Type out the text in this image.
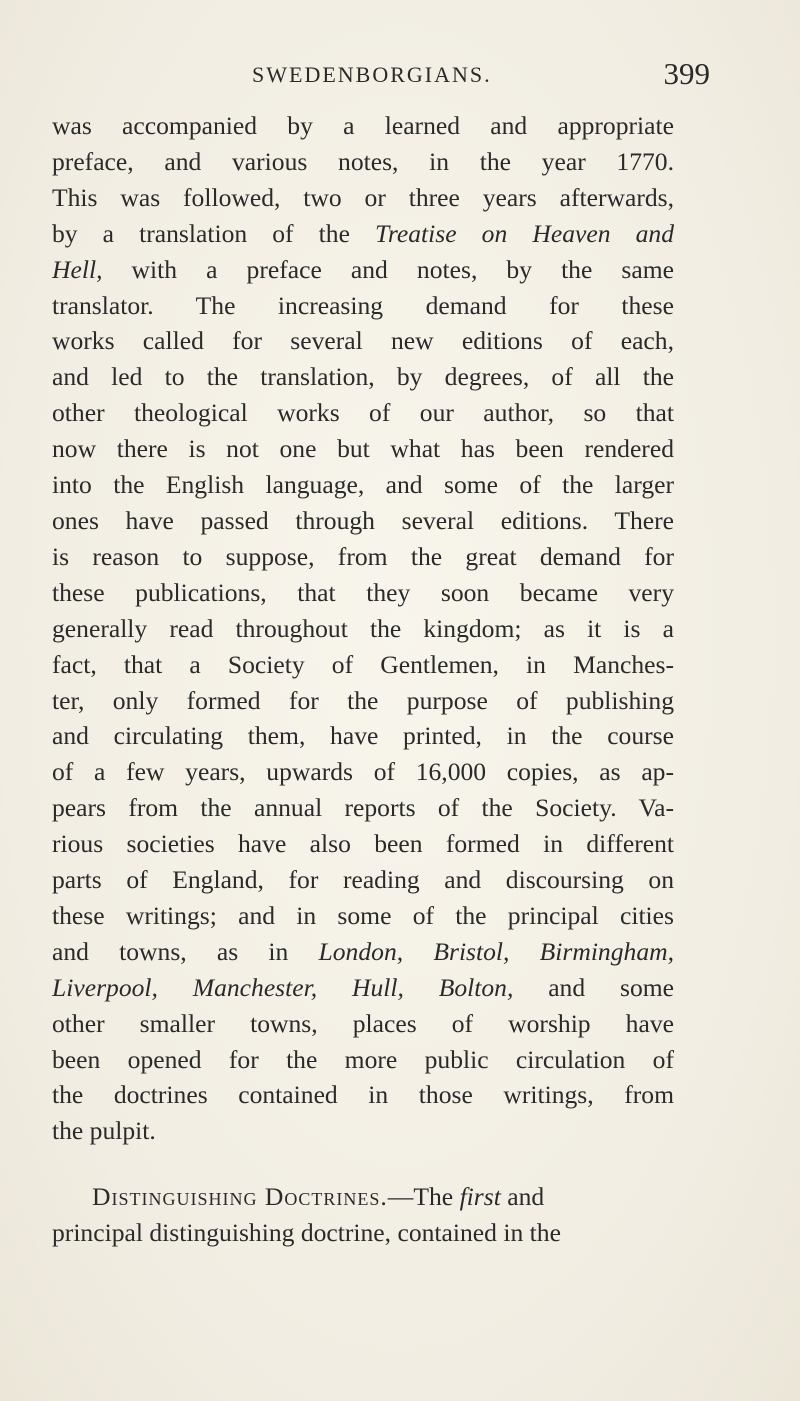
SWEDENBORGIANS.	399
was accompanied by a learned and appropriate
preface, and various notes, in the year 1770.
This was followed, two or three years afterwards,
by a translation of the Treatise on Heaven and
Hell, with a preface and notes, by the same
translator. The increasing demand for these
works called for several new editions of each,
and led to the translation, by degrees, of all the
other theological works of our author, so that
now there is not one but what has been rendered
into the English language, and some of the larger
ones have passed through several editions. There
is reason to suppose, from the great demand for
these publications, that they soon became very
generally read throughout the kingdom; as it is a
fact, that a Society of Gentlemen, in Manches-
ter, only formed for the purpose of publishing
and circulating them, have printed, in the course
of a few years, upwards of 16,000 copies, as ap-
pears from the annual reports of the Society. Va-
rious societies have also been formed in different
parts of England, for reading and discoursing on
these writings; and in some of the principal cities
and towns, as in London, Bristol, Birmingham,
Liverpool, Manchester, Hull, Bolton, and some
other smaller towns, places of worship have
been opened for the more public circulation of
the doctrines contained in those writings, from
the pulpit.
Distinguishing Doctrines.—The first and
principal distinguishing doctrine, contained in the
